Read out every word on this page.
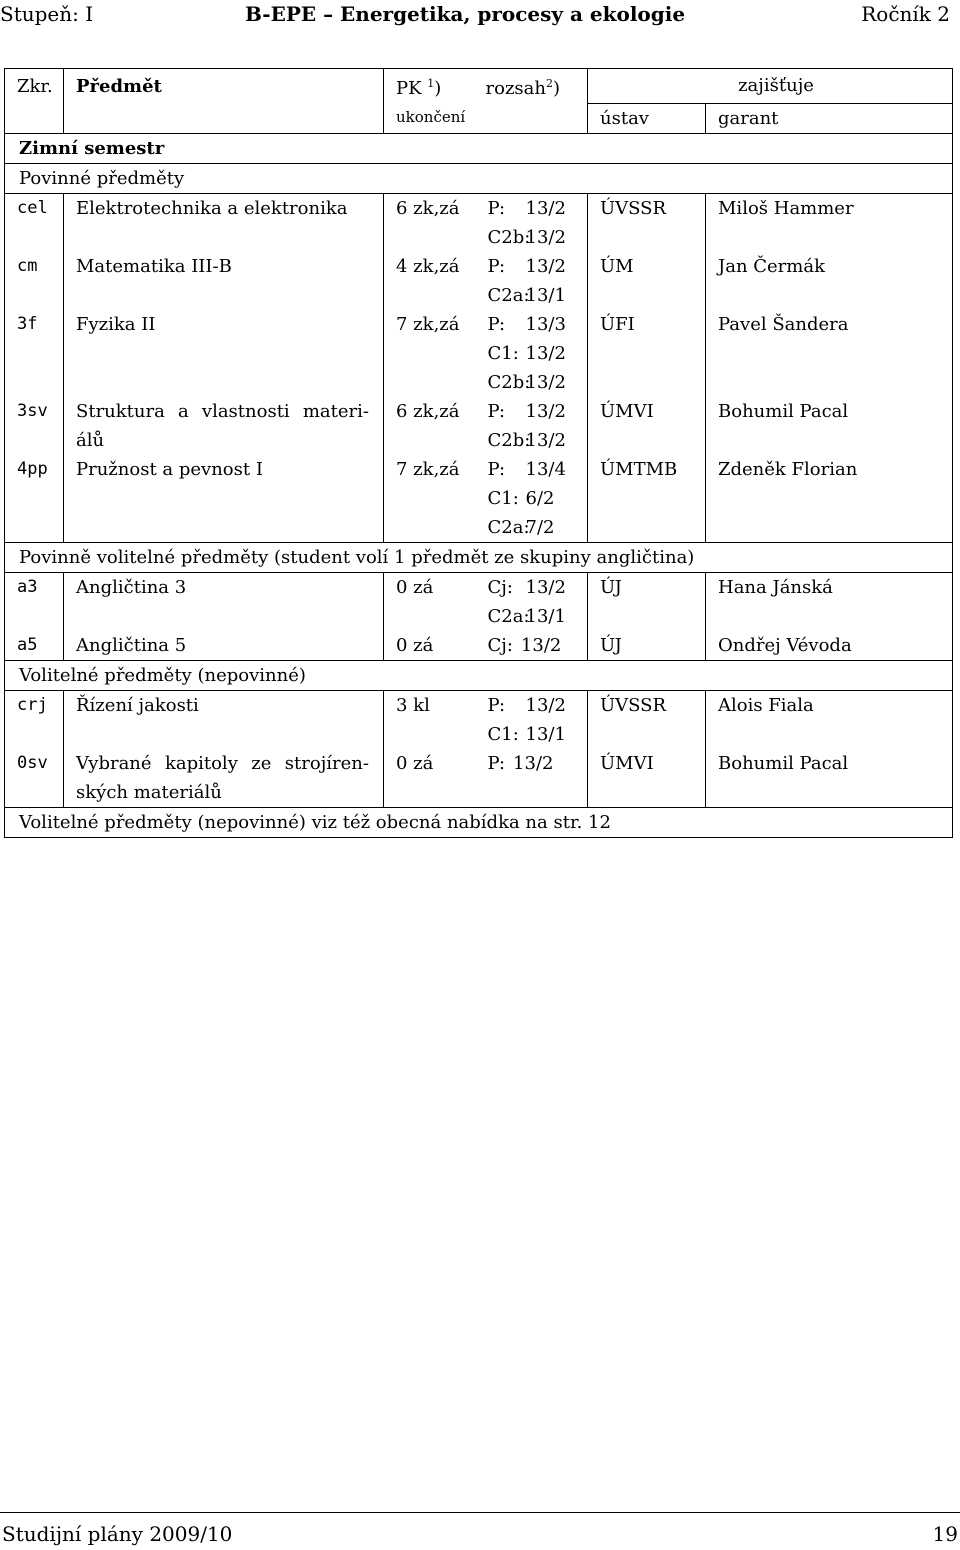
Stupeň: I	B-EPE – Energetika, procesy a ekologie	Ročník 2
Zkr.	Předmět	PK $^1$)	rozsah$^2$)	zajišťuje	
		ukončení		ústav	garant
Zimní semestr					
Povinné předměty					
cel	Elektrotechnika a elektronika	6 zk,zá	P: 13/2	ÚVSSR	Miloš Hammer
			C2b:13/2		
cm	Matematika III-B	4 zk,zá	P: 13/2	ÚM	Jan Čermák
			C2a:13/1		
3f	Fyzika II	7 zk,zá	P: 13/3	ÚFI	Pavel Šandera
			C1: 13/2		
			C2b:13/2		
3sv	Struktura a vlastnosti materi-	6 zk,zá	P: 13/2	ÚMVI	Bohumil Pacal
	álů		C2b:13/2		
4pp	Pružnost a pevnost I	7 zk,zá	P: 13/4	ÚMTMB	Zdeněk Florian
			C1: 6/2		
			C2a:7/2		
Povinně volitelné předměty (student volí 1 předmět ze skupiny angličtina)					
a3	Angličtina 3	0 zá	Cj: 13/2	ÚJ	Hana Jánská
			C2a:13/1		
a5	Angličtina 5	0 zá	Cj: 13/2	ÚJ	Ondřej Vévoda
Volitelné předměty (nepovinné)					
crj	Řízení jakosti	3 kl	P: 13/2	ÚVSSR	Alois Fiala
			C1: 13/1		
0sv	Vybrané kapitoly ze strojíren-	0 zá	P: 13/2	ÚMVI	Bohumil Pacal
	ských materiálů				
Volitelné předměty (nepovinné) viz též obecná nabídka na str. 12					
Studijní plány 2009/10	19
